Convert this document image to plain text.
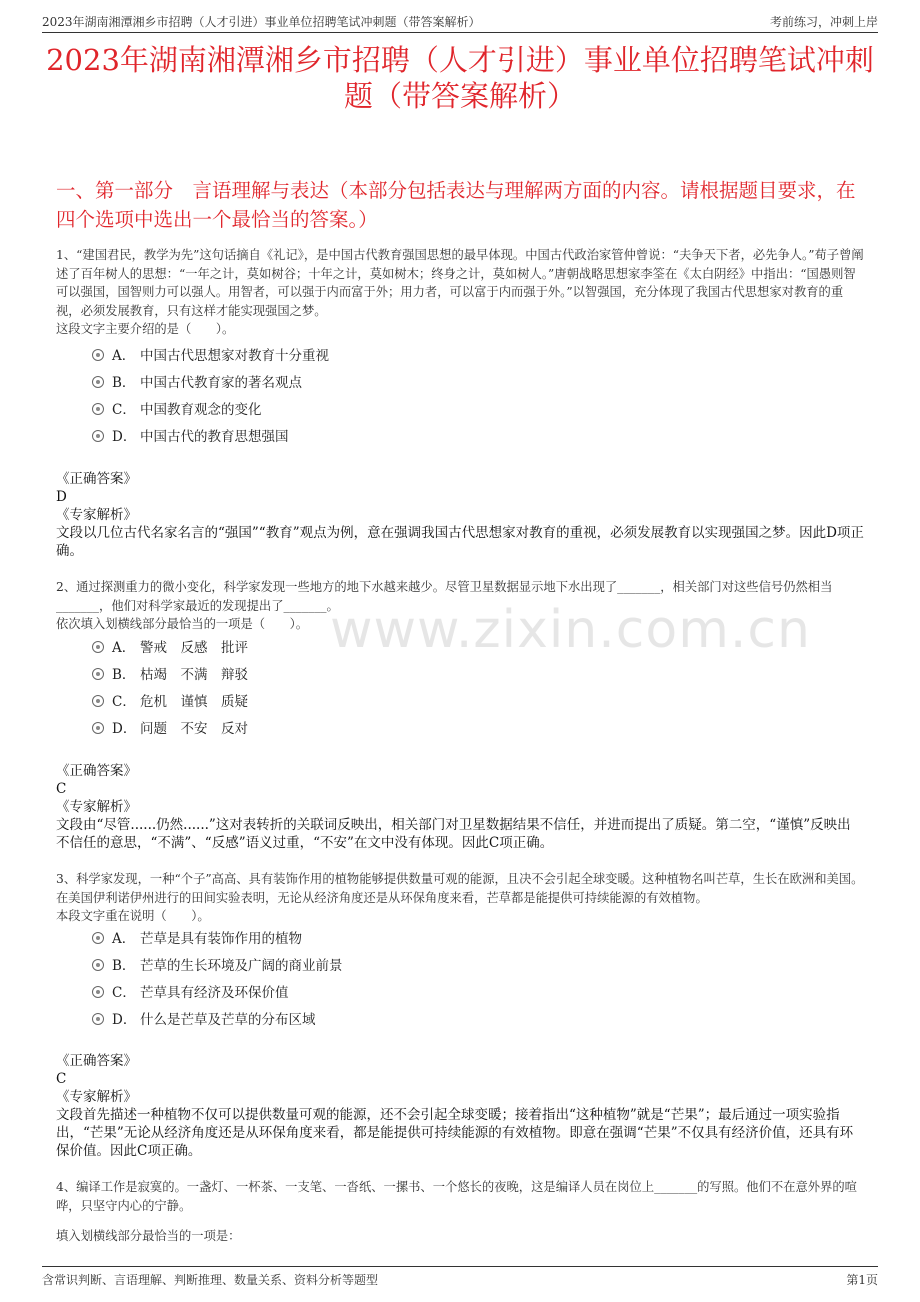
2023年湖南湘潭湘乡市招聘（人才引进）事业单位招聘笔试冲刺题（带答案解析）	考前练习，冲刺上岸
2023年湖南湘潭湘乡市招聘（人才引进）事业单位招聘笔试冲刺题（带答案解析）
一、第一部分　言语理解与表达（本部分包括表达与理解两方面的内容。请根据题目要求，在四个选项中选出一个最恰当的答案。）
www.zixin.com.cn

1、“建国君民，教学为先”这句话摘自《礼记》，是中国古代教育强国思想的最早体现。中国古代政治家管仲曾说：“夫争天下者，必先争人。”荀子曾阐述了百年树人的思想：“一年之计，莫如树谷；十年之计，莫如树木；终身之计，莫如树人。”唐朝战略思想家李筌在《太白阴经》中指出：“国愚则智可以强国，国智则力可以强人。用智者，可以强于内而富于外；用力者，可以富于内而强于外。”以智强国，充分体现了我国古代思想家对教育的重视，必须发展教育，只有这样才能实现强国之梦。

这段文字主要介绍的是（　　）。

A． 中国古代思想家对教育十分重视
B． 中国古代教育家的著名观点
C． 中国教育观念的变化
D． 中国古代的教育思想强国

《正确答案》

D

《专家解析》

文段以几位古代名家名言的“强国”“教育”观点为例，意在强调我国古代思想家对教育的重视，必须发展教育以实现强国之梦。因此D项正确。

2、通过探测重力的微小变化，科学家发现一些地方的地下水越来越少。尽管卫星数据显示地下水出现了_______，相关部门对这些信号仍然相当_______，他们对科学家最近的发现提出了_______。

依次填入划横线部分最恰当的一项是（　　）。

A． 警戒　反感　批评
B． 枯竭　不满　辩驳
C． 危机　谨慎　质疑
D． 问题　不安　反对

《正确答案》

C

《专家解析》

文段由“尽管......仍然......”这对表转折的关联词反映出，相关部门对卫星数据结果不信任，并进而提出了质疑。第二空，“谨慎”反映出不信任的意思，“不满”、“反感”语义过重，“不安”在文中没有体现。因此C项正确。

3、科学家发现，一种“个子”高高、具有装饰作用的植物能够提供数量可观的能源，且决不会引起全球变暖。这种植物名叫芒草，生长在欧洲和美国。在美国伊利诺伊州进行的田间实验表明，无论从经济角度还是从环保角度来看，芒草都是能提供可持续能源的有效植物。

本段文字重在说明（　　）。

A． 芒草是具有装饰作用的植物
B． 芒草的生长环境及广阔的商业前景
C． 芒草具有经济及环保价值
D． 什么是芒草及芒草的分布区域

《正确答案》

C

《专家解析》

文段首先描述一种植物不仅可以提供数量可观的能源，还不会引起全球变暖；接着指出“这种植物”就是“芒果”；最后通过一项实验指出，“芒果”无论从经济角度还是从环保角度来看，都是能提供可持续能源的有效植物。即意在强调“芒果”不仅具有经济价值，还具有环保价值。因此C项正确。

4、编译工作是寂寞的。一盏灯、一杯茶、一支笔、一沓纸、一摞书、一个悠长的夜晚，这是编译人员在岗位上_______的写照。他们不在意外界的喧哗，只坚守内心的宁静。

填入划横线部分最恰当的一项是：

含常识判断、言语理解、判断推理、数量关系、资料分析等题型	第1页
